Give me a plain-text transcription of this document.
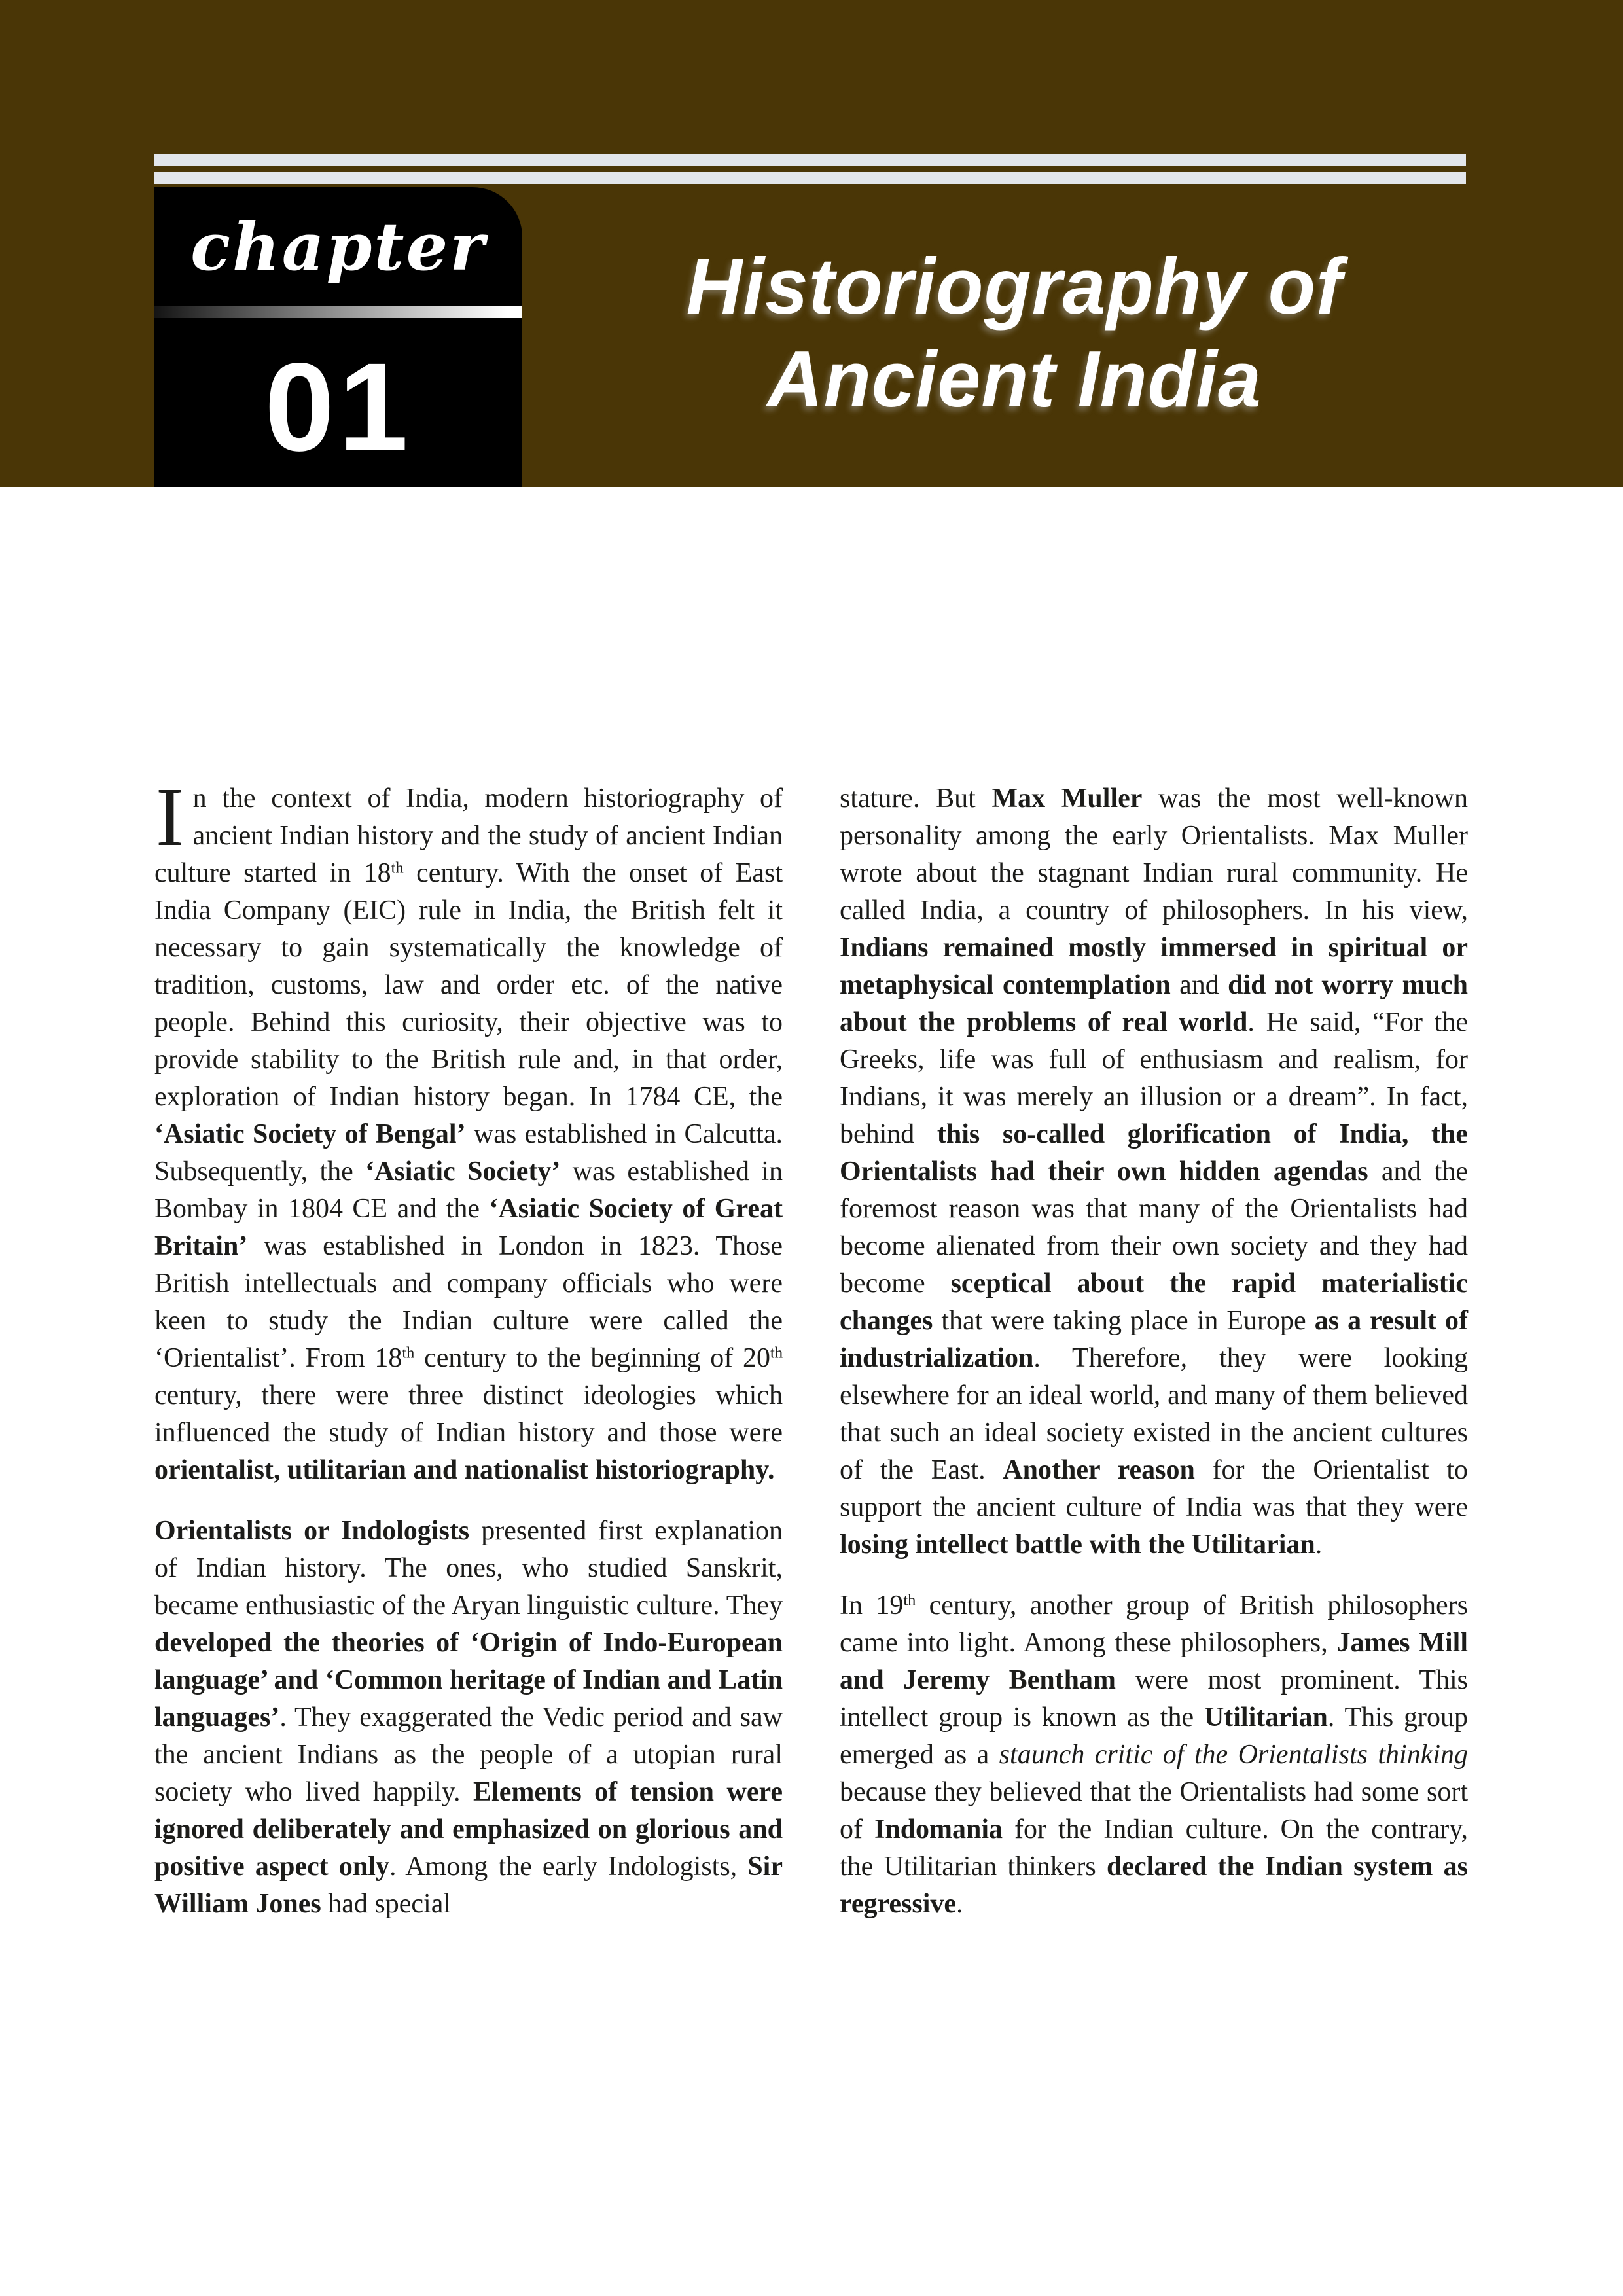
chapter
01
Historiography of
Ancient India

In the context of India, modern historiography of ancient Indian history and the study of ancient Indian culture started in 18th century. With the onset of East India Company (EIC) rule in India, the British felt it necessary to gain systematically the knowledge of tradition, customs, law and order etc. of the native people. Behind this curiosity, their objective was to provide stability to the British rule and, in that order, exploration of Indian history began. In 1784 CE, the ‘Asiatic Society of Bengal’ was established in Calcutta. Subsequently, the ‘Asiatic Society’ was established in Bombay in 1804 CE and the ‘Asiatic Society of Great Britain’ was established in London in 1823. Those British intellectuals and company officials who were keen to study the Indian culture were called the ‘Orientalist’. From 18th century to the beginning of 20th century, there were three distinct ideologies which influenced the study of Indian history and those were orientalist, utilitarian and nationalist historiography.

Orientalists or Indologists presented first explanation of Indian history. The ones, who studied Sanskrit, became enthusiastic of the Aryan linguistic culture. They developed the theories of ‘Origin of Indo-European language’ and ‘Common heritage of Indian and Latin languages’. They exaggerated the Vedic period and saw the ancient Indians as the people of a utopian rural society who lived happily. Elements of tension were ignored deliberately and emphasized on glorious and positive aspect only. Among the early Indologists, Sir William Jones had special

stature. But Max Muller was the most well-known personality among the early Orientalists. Max Muller wrote about the stagnant Indian rural community. He called India, a country of philosophers. In his view, Indians remained mostly immersed in spiritual or metaphysical contemplation and did not worry much about the problems of real world. He said, “For the Greeks, life was full of enthusiasm and realism, for Indians, it was merely an illusion or a dream”. In fact, behind this so-called glorification of India, the Orientalists had their own hidden agendas and the foremost reason was that many of the Orientalists had become alienated from their own society and they had become sceptical about the rapid materialistic changes that were taking place in Europe as a result of industrialization. Therefore, they were looking elsewhere for an ideal world, and many of them believed that such an ideal society existed in the ancient cultures of the East. Another reason for the Orientalist to support the ancient culture of India was that they were losing intellect battle with the Utilitarian.

In 19th century, another group of British philosophers came into light. Among these philosophers, James Mill and Jeremy Bentham were most prominent. This intellect group is known as the Utilitarian. This group emerged as a staunch critic of the Orientalists thinking because they believed that the Orientalists had some sort of Indomania for the Indian culture. On the contrary, the Utilitarian thinkers declared the Indian system as regressive.
